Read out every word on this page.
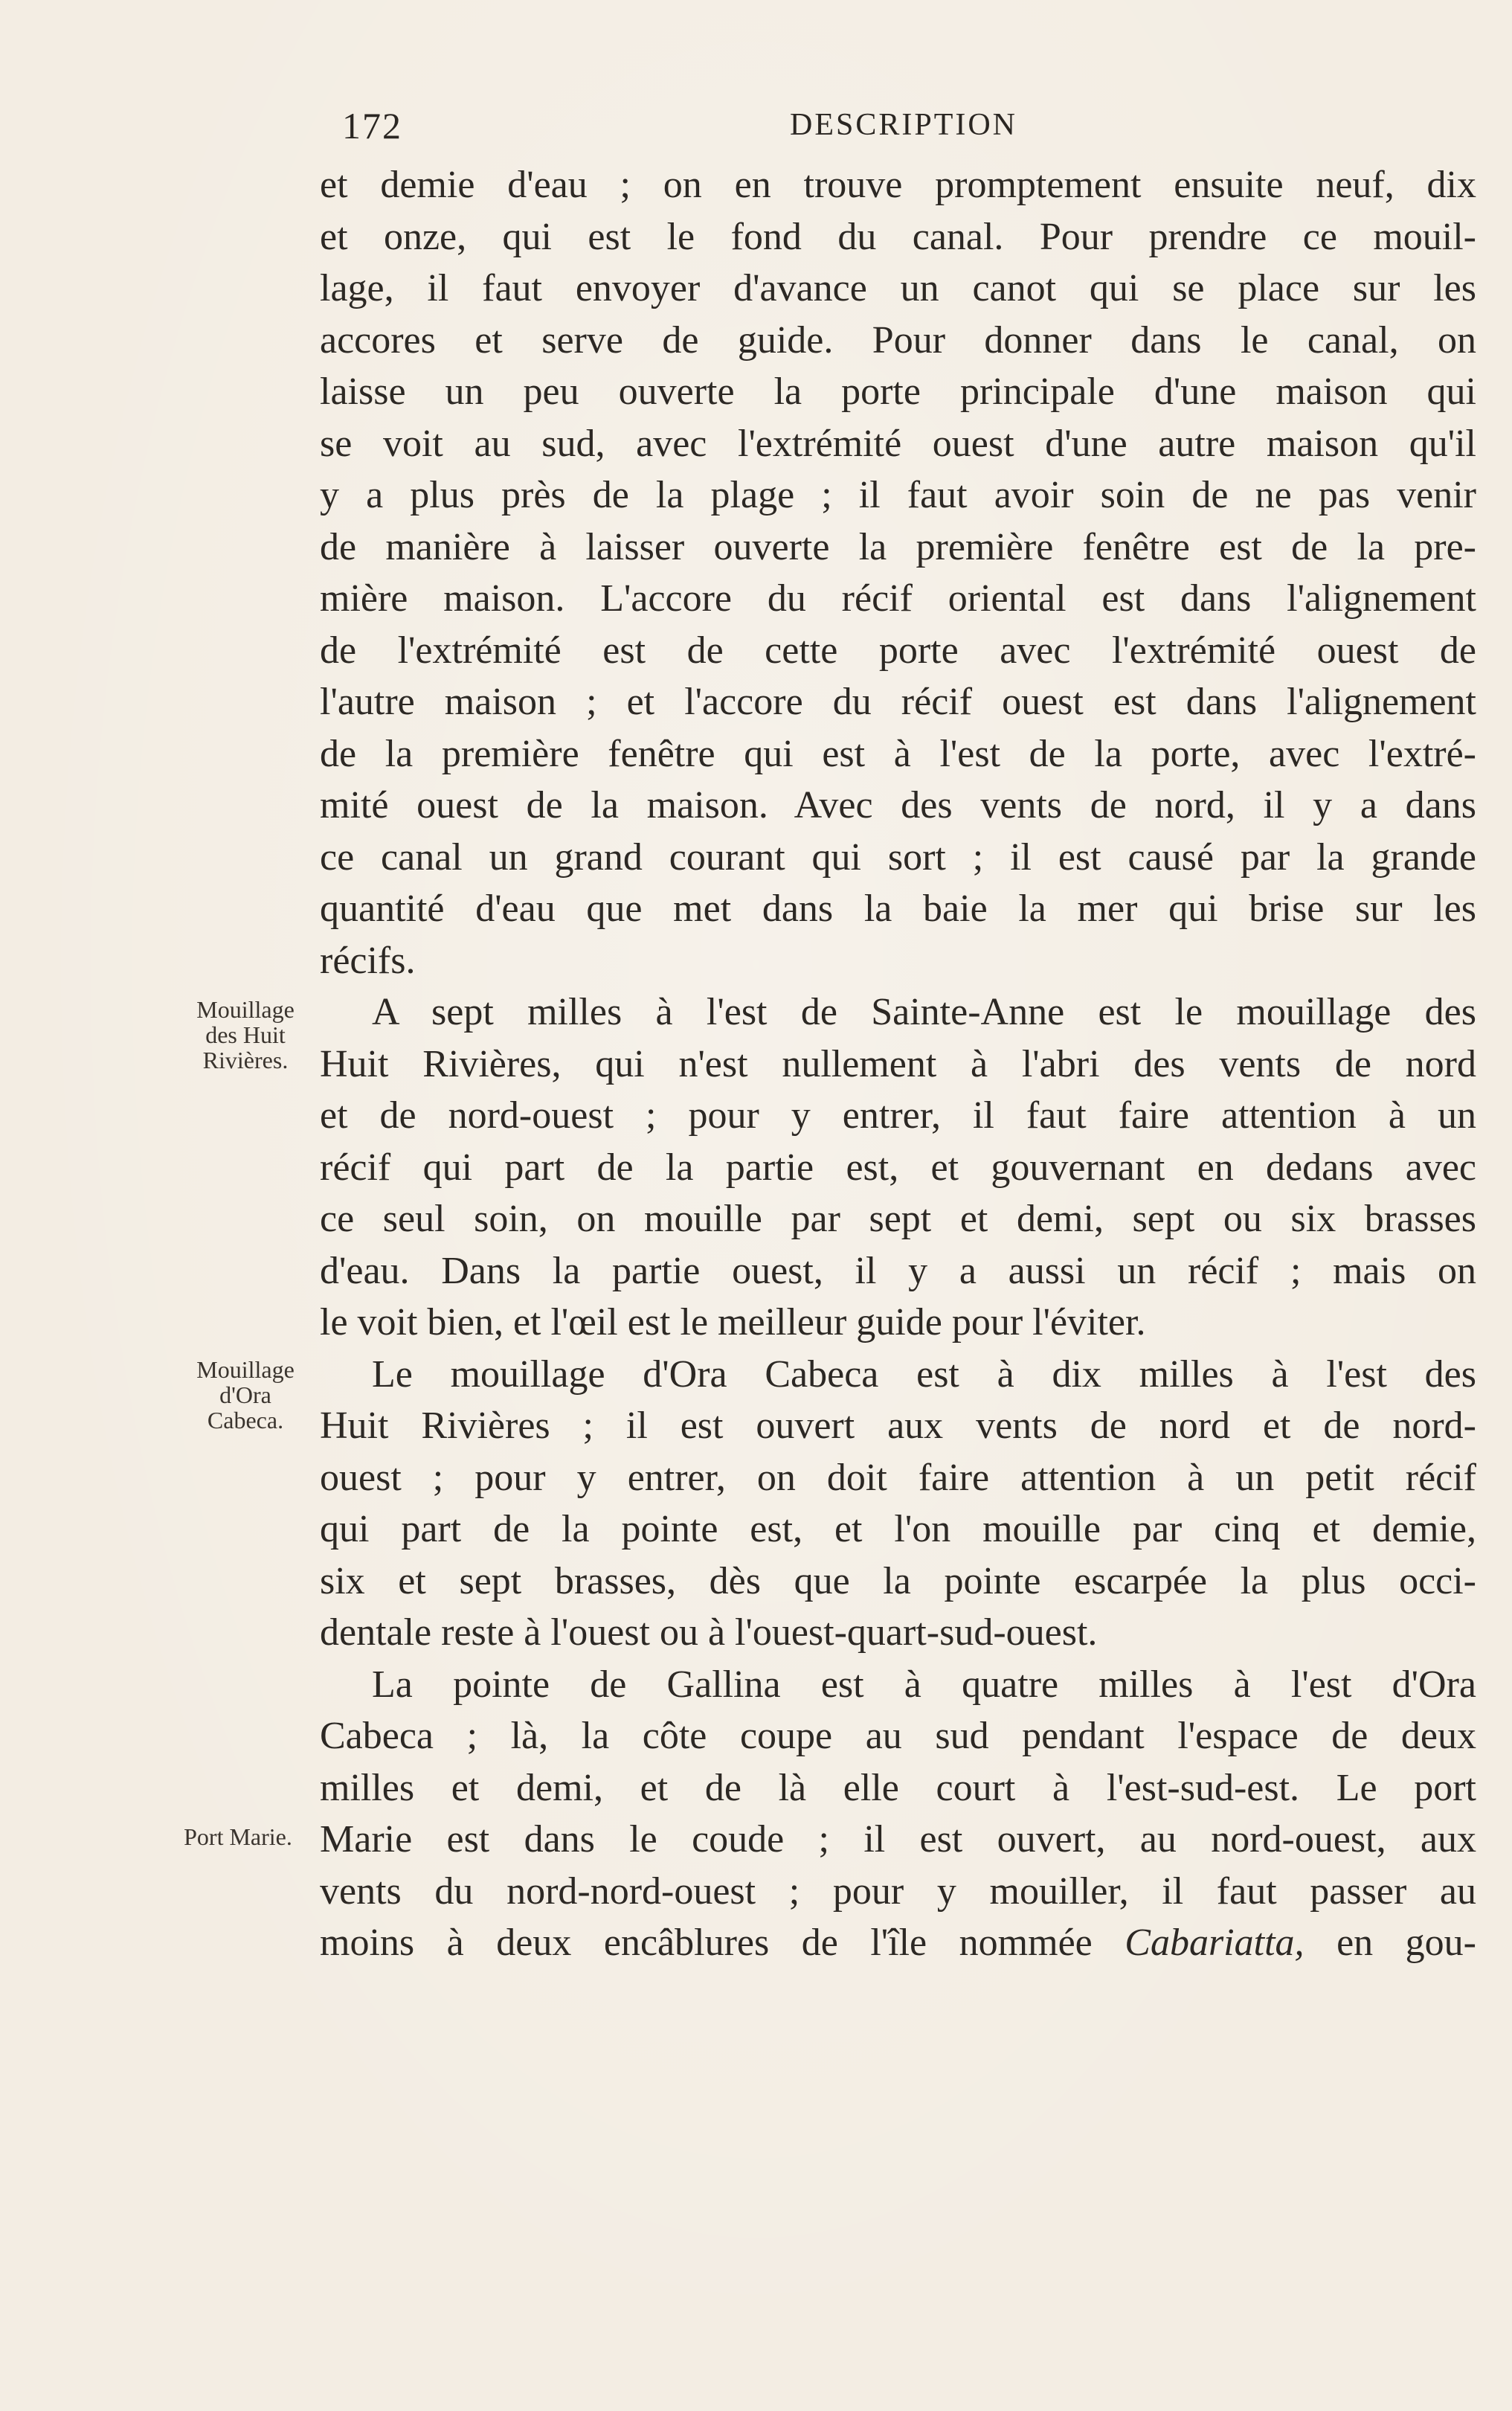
172	DESCRIPTION
Mouillage
des Huit
Rivières.
Mouillage
d'Ora
Cabeca.
Port Marie.
et demie d'eau ; on en trouve promptement ensuite neuf, dix
et onze, qui est le fond du canal. Pour prendre ce mouil-
lage, il faut envoyer d'avance un canot qui se place sur les
accores et serve de guide. Pour donner dans le canal, on
laisse un peu ouverte la porte principale d'une maison qui
se voit au sud, avec l'extrémité ouest d'une autre maison qu'il
y a plus près de la plage ; il faut avoir soin de ne pas venir
de manière à laisser ouverte la première fenêtre est de la pre-
mière maison. L'accore du récif oriental est dans l'alignement
de l'extrémité est de cette porte avec l'extrémité ouest de
l'autre maison ; et l'accore du récif ouest est dans l'alignement
de la première fenêtre qui est à l'est de la porte, avec l'extré-
mité ouest de la maison. Avec des vents de nord, il y a dans
ce canal un grand courant qui sort ; il est causé par la grande
quantité d'eau que met dans la baie la mer qui brise sur les
récifs.
A sept milles à l'est de Sainte-Anne est le mouillage des
Huit Rivières, qui n'est nullement à l'abri des vents de nord
et de nord-ouest ; pour y entrer, il faut faire attention à un
récif qui part de la partie est, et gouvernant en dedans avec
ce seul soin, on mouille par sept et demi, sept ou six brasses
d'eau. Dans la partie ouest, il y a aussi un récif ; mais on
le voit bien, et l'œil est le meilleur guide pour l'éviter.
Le mouillage d'Ora Cabeca est à dix milles à l'est des
Huit Rivières ; il est ouvert aux vents de nord et de nord-
ouest ; pour y entrer, on doit faire attention à un petit récif
qui part de la pointe est, et l'on mouille par cinq et demie,
six et sept brasses, dès que la pointe escarpée la plus occi-
dentale reste à l'ouest ou à l'ouest-quart-sud-ouest.
La pointe de Gallina est à quatre milles à l'est d'Ora
Cabeca ; là, la côte coupe au sud pendant l'espace de deux
milles et demi, et de là elle court à l'est-sud-est. Le port
Marie est dans le coude ; il est ouvert, au nord-ouest, aux
vents du nord-nord-ouest ; pour y mouiller, il faut passer au
moins à deux encâblures de l'île nommée Cabariatta, en gou-
